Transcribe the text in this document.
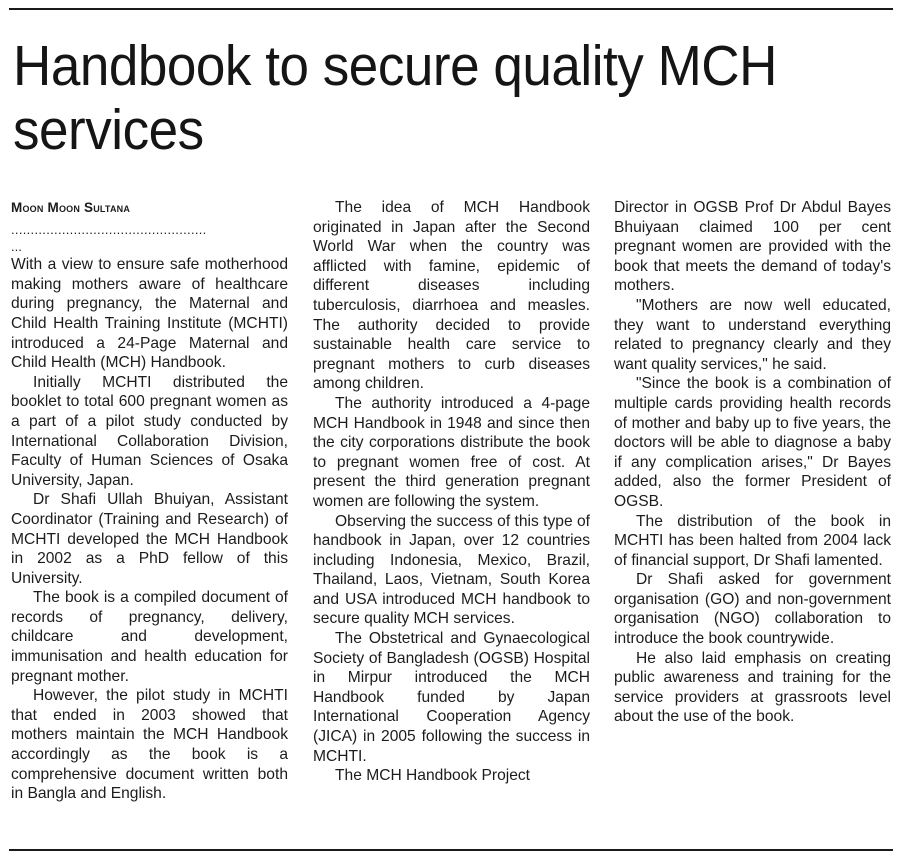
Handbook to secure quality MCH services
Moon Moon Sultana
..................................................
...

With a view to ensure safe motherhood making mothers aware of healthcare during pregnancy, the Maternal and Child Health Training Institute (MCHTI) introduced a 24-Page Maternal and Child Health (MCH) Handbook.

Initially MCHTI distributed the booklet to total 600 pregnant women as a part of a pilot study conducted by International Collaboration Division, Faculty of Human Sciences of Osaka University, Japan.

Dr Shafi Ullah Bhuiyan, Assistant Coordinator (Training and Research) of MCHTI developed the MCH Handbook in 2002 as a PhD fellow of this University.

The book is a compiled document of records of pregnancy, delivery, childcare and development, immunisation and health education for pregnant mother.

However, the pilot study in MCHTI that ended in 2003 showed that mothers maintain the MCH Handbook accordingly as the book is a comprehensive document written both in Bangla and English.

The idea of MCH Handbook originated in Japan after the Second World War when the country was afflicted with famine, epidemic of different diseases including tuberculosis, diarrhoea and measles. The authority decided to provide sustainable health care service to pregnant mothers to curb diseases among children.

The authority introduced a 4-page MCH Handbook in 1948 and since then the city corporations distribute the book to pregnant women free of cost. At present the third generation pregnant women are following the system.

Observing the success of this type of handbook in Japan, over 12 countries including Indonesia, Mexico, Brazil, Thailand, Laos, Vietnam, South Korea and USA introduced MCH handbook to secure quality MCH services.

The Obstetrical and Gynaecological Society of Bangladesh (OGSB) Hospital in Mirpur introduced the MCH Handbook funded by Japan International Cooperation Agency (JICA) in 2005 following the success in MCHTI.

The MCH Handbook Project

Director in OGSB Prof Dr Abdul Bayes Bhuiyaan claimed 100 per cent pregnant women are provided with the book that meets the demand of today's mothers.

"Mothers are now well educated, they want to understand everything related to pregnancy clearly and they want quality services," he said.

"Since the book is a combination of multiple cards providing health records of mother and baby up to five years, the doctors will be able to diagnose a baby if any complication arises," Dr Bayes added, also the former President of OGSB.

The distribution of the book in MCHTI has been halted from 2004 lack of financial support, Dr Shafi lamented.

Dr Shafi asked for government organisation (GO) and non-government organisation (NGO) collaboration to introduce the book countrywide.

He also laid emphasis on creating public awareness and training for the service providers at grassroots level about the use of the book.
